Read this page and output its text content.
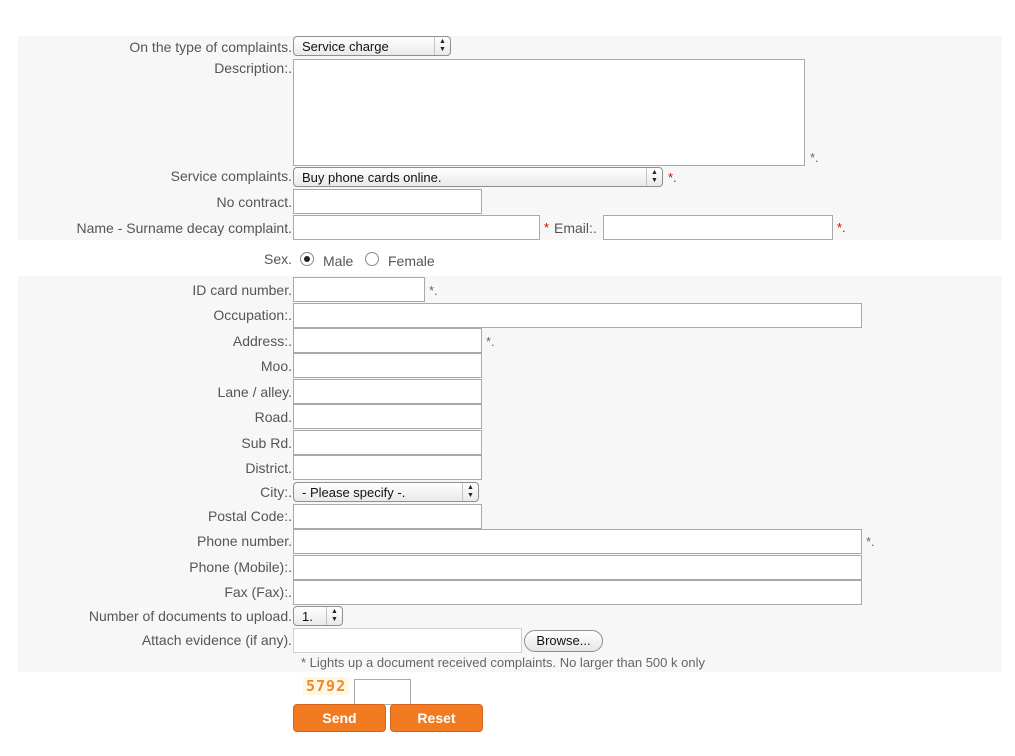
On the type of complaints. Service charge	▲
▼
Description:.
*.
Service complaints. Buy phone cards online.	▲
▼ *.
No contract.
Name - Surname decay complaint.	* Email:.	*.
Sex. Male Female
ID card number.	*.
Occupation:.
Address:.	*.
Moo.
Lane / alley.
Road.
Sub Rd.
District.
City:. - Please specify -.	▲
▼
Postal Code:.
Phone number.	*.
Phone (Mobile):.
Fax (Fax):.
Number of documents to upload. 1.	▲
▼
Attach evidence (if any).	Browse...
* Lights up a document received complaints. No larger than 500 k only
5792
Send	Reset
